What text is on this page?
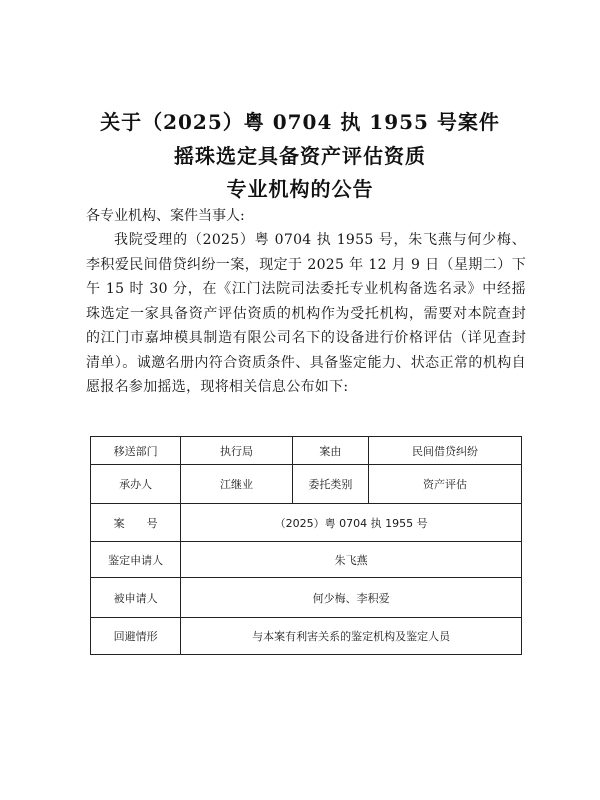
关于（2025）粤 0704 执 1955 号案件
摇珠选定具备资产评估资质
专业机构的公告

各专业机构、案件当事人:

我院受理的（2025）粤 0704 执 1955 号，朱飞燕与何少梅、李积爱民间借贷纠纷一案，现定于 2025 年 12 月 9 日（星期二）下午 15 时 30 分，在《江门法院司法委托专业机构备选名录》中经摇珠选定一家具备资产评估资质的机构作为受托机构，需要对本院查封的江门市嘉坤模具制造有限公司名下的设备进行价格评估（详见查封清单）。诚邀名册内符合资质条件、具备鉴定能力、状态正常的机构自愿报名参加摇选，现将相关信息公布如下:

移送部门	执行局	案由	民间借贷纠纷
承办人	江继业	委托类别	资产评估
案　　号	（2025）粤 0704 执 1955 号		
鉴定申请人	朱飞燕		
被申请人	何少梅、李积爱		
回避情形	与本案有利害关系的鉴定机构及鉴定人员		
